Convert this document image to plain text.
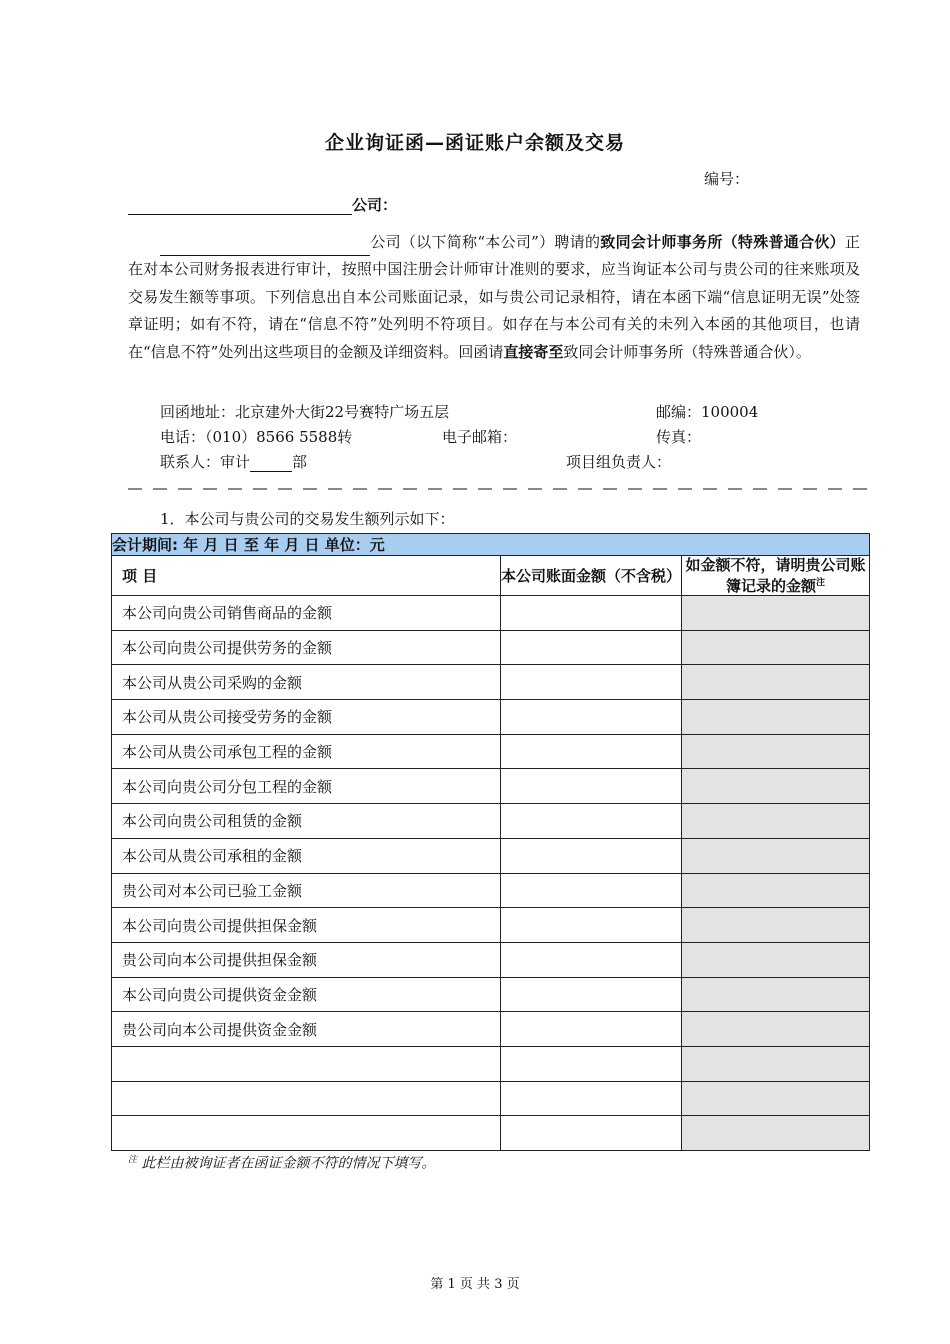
企业询证函—函证账户余额及交易
编号：
公司：
公司（以下简称“本公司”）聘请的致同会计师事务所（特殊普通合伙）正在对本公司财务报表进行审计，按照中国注册会计师审计准则的要求，应当询证本公司与贵公司的往来账项及交易发生额等事项。下列信息出自本公司账面记录，如与贵公司记录相符，请在本函下端“信息证明无误”处签章证明；如有不符，请在“信息不符”处列明不符项目。如存在与本公司有关的未列入本函的其他项目，也请在“信息不符”处列出这些项目的金额及详细资料。回函请直接寄至致同会计师事务所（特殊普通合伙）。
回函地址：北京建外大街22号赛特广场五层	邮编：100004
电话：（010）8566 5588转	电子邮箱：	传真：
联系人：审计	部	项目组负责人：
1．本公司与贵公司的交易发生额列示如下：
会计期间: 年 月 日 至 年 月 日 单位：元		
项 目	本公司账面金额（不含税）	如金额不符，请明贵公司账簿记录的金额$^注$
本公司向贵公司销售商品的金额		
本公司向贵公司提供劳务的金额		
本公司从贵公司采购的金额		
本公司从贵公司接受劳务的金额		
本公司从贵公司承包工程的金额		
本公司向贵公司分包工程的金额		
本公司向贵公司租赁的金额		
本公司从贵公司承租的金额		
贵公司对本公司已验工金额		
本公司向贵公司提供担保金额		
贵公司向本公司提供担保金额		
本公司向贵公司提供资金金额		
贵公司向本公司提供资金金额		

$^注$ 此栏由被询证者在函证金额不符的情况下填写。
第 1 页 共 3 页
